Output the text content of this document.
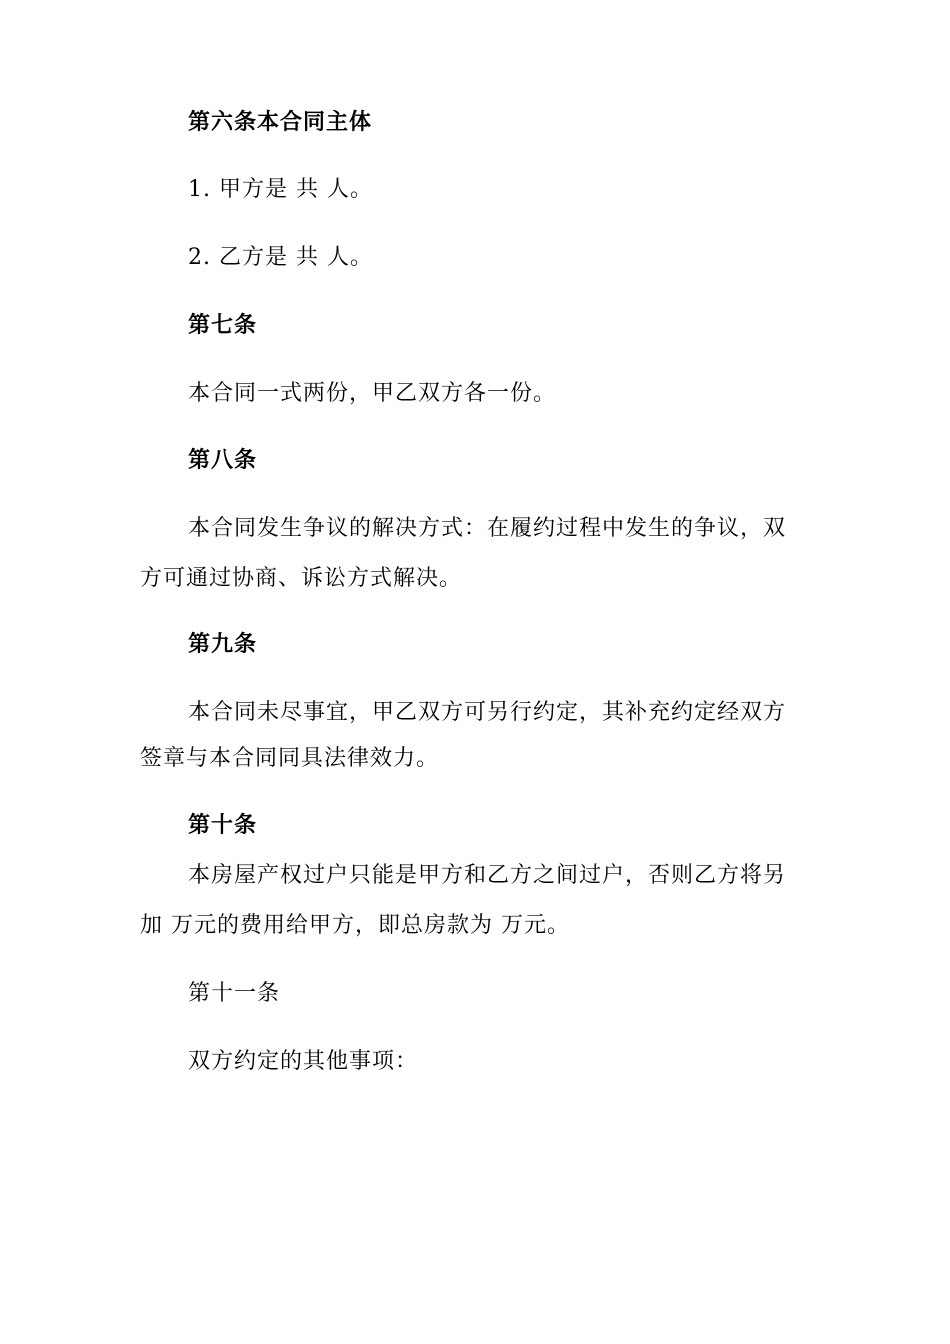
第六条本合同主体
1. 甲方是 共 人。
2. 乙方是 共 人。
第七条
本合同一式两份，甲乙双方各一份。
第八条
本合同发生争议的解决方式：在履约过程中发生的争议，双
方可通过协商、诉讼方式解决。
第九条
本合同未尽事宜，甲乙双方可另行约定，其补充约定经双方
签章与本合同同具法律效力。
第十条
本房屋产权过户只能是甲方和乙方之间过户，否则乙方将另
加 万元的费用给甲方，即总房款为 万元。
第十一条
双方约定的其他事项：
